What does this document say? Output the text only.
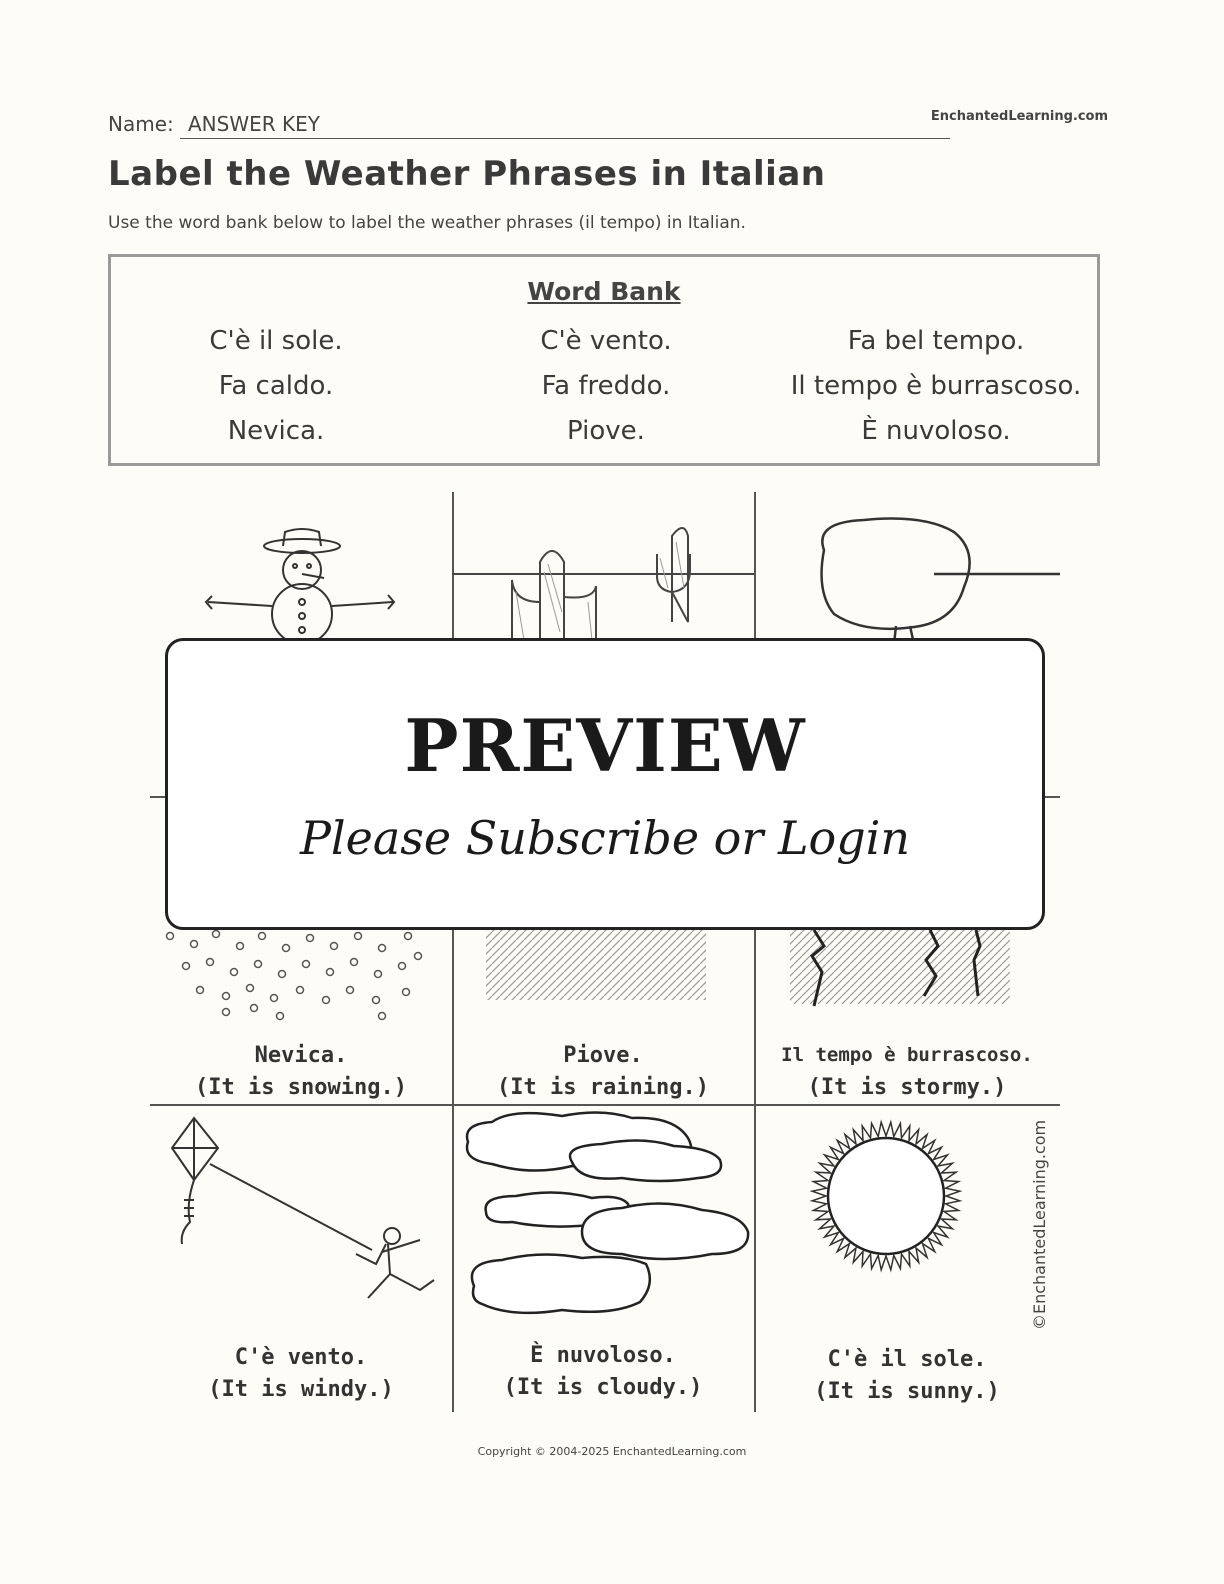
Name: ANSWER KEY	EnchantedLearning.com
Label the Weather Phrases in Italian
Use the word bank below to label the weather phrases (il tempo) in Italian.
Word Bank
C'è il sole.	C'è vento.	Fa bel tempo.
Fa caldo.	Fa freddo.	Il tempo è burrascoso.
Nevica.	Piove.	È nuvoloso.
Nevica.
(It is snowing.)
Piove.
(It is raining.)
Il tempo è burrascoso.
(It is stormy.)
C'è vento.
(It is windy.)
È nuvoloso.
(It is cloudy.)
C'è il sole.
(It is sunny.)
©EnchantedLearning.com
PREVIEW
Please Subscribe or Login
Copyright © 2004-2025 EnchantedLearning.com
